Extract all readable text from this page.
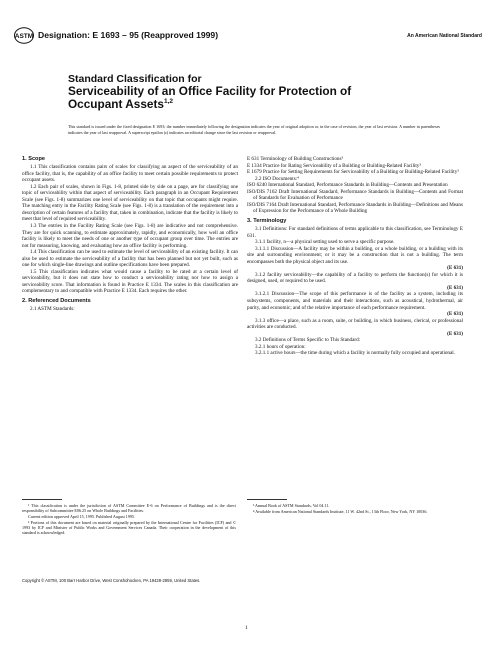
ASTM Designation: E 1693 – 95 (Reapproved 1999)	An American National Standard
Standard Classification for
Serviceability of an Office Facility for Protection of
Occupant Assets$^{1,2}$
This standard is issued under the fixed designation E 1693; the number immediately following the designation indicates the year of original adoption or, in the case of revision, the year of last revision. A number in parentheses indicates the year of last reapproval. A superscript epsilon (ε) indicates an editorial change since the last revision or reapproval.
1. Scope

1.1 This classification contains pairs of scales for classifying an aspect of the serviceability of an office facility, that is, the capability of an office facility to meet certain possible requirements to protect occupant assets.

1.2 Each pair of scales, shown in Figs. 1-8, printed side by side on a page, are for classifying one topic of serviceability within that aspect of serviceability. Each paragraph in an Occupant Requirement Scale (see Figs. 1-8) summarizes one level of serviceability on that topic that occupants might require. The matching entry in the Facility Rating Scale (see Figs. 1-8) is a translation of the requirement into a description of certain features of a facility that, taken in combination, indicate that the facility is likely to meet that level of required serviceability.

1.3 The entries in the Facility Rating Scale (see Figs. 1-8) are indicative and not comprehensive. They are for quick scanning, to estimate approximately, rapidly, and economically, how well an office facility is likely to meet the needs of one or another type of occupant group over time. The entries are not for measuring, knowing, and evaluating how an office facility is performing.

1.4 This classification can be used to estimate the level of serviceability of an existing facility. It can also be used to estimate the serviceability of a facility that has been planned but not yet built, such as one for which single-line drawings and outline specifications have been prepared.

1.5 This classification indicates what would cause a facility to be rated at a certain level of serviceability, but it does not state how to conduct a serviceability rating nor how to assign a serviceability score. That information is found in Practice E 1334. The scales in this classification are complementary to and compatible with Practice E 1334. Each requires the other.

2. Referenced Documents

2.1 ASTM Standards:

E 631 Terminology of Building Constructions³

E 1334 Practice for Rating Serviceability of a Building or Building-Related Facility³

E 1679 Practice for Setting Requirements for Serviceability of a Building or Building-Related Facility³

2.2 ISO Documents:⁴

ISO 6240 International Standard, Performance Standards in Building—Contents and Presentation

ISO/DIS 7162 Draft International Standard, Performance Standards in Building—Contents and Format of Standards for Evaluation of Performance

ISO/DIS 7164 Draft International Standard, Performance Standards in Building—Definitions and Means of Expression for the Performance of a Whole Building

3. Terminology

3.1 Definitions: For standard definitions of terms applicable to this classification, see Terminology E 631.

3.1.1 facility, n—a physical setting used to serve a specific purpose.

3.1.1.1 Discussion—A facility may be within a building, or a whole building, or a building with its site and surrounding environment; or it may be a construction that is not a building. The term encompasses both the physical object and its use.

(E 631)

3.1.2 facility serviceability—the capability of a facility to perform the function(s) for which it is designed, used, or required to be used.

(E 631)

3.1.2.1 Discussion—The scope of this performance is of the facility as a system, including its subsystems, components, and materials and their interactions, such as acoustical, hydrothermal, air purity, and economic; and of the relative importance of each performance requirement.

(E 631)

3.1.3 office—a place, such as a room, suite, or building, in which business, clerical, or professional activities are conducted.

(E 631)

3.2 Definitions of Terms Specific to This Standard:

3.2.1 hours of operation:

3.2.1.1 active hours—the time during which a facility is normally fully occupied and operational.

¹ This classification is under the jurisdiction of ASTM Committee E-6 on Performance of Buildings and is the direct responsibility of Subcommittee E06.25 on Whole Buildings and Facilities.

Current edition approved April 15, 1995. Published August 1995.

² Portions of this document are based on material originally prepared by the International Centre for Facilities (ICF) and © 1993 by ICF and Minister of Public Works and Government Services Canada. Their cooperation in the development of this standard is acknowledged.

³ Annual Book of ASTM Standards, Vol 04.11.

⁴ Available from American National Standards Institute, 11 W. 42nd St., 13th Floor, New York, NY 10036.

Copyright © ASTM, 100 Barr Harbor Drive, West Conshohocken, PA 19428-2959, United States.
1
